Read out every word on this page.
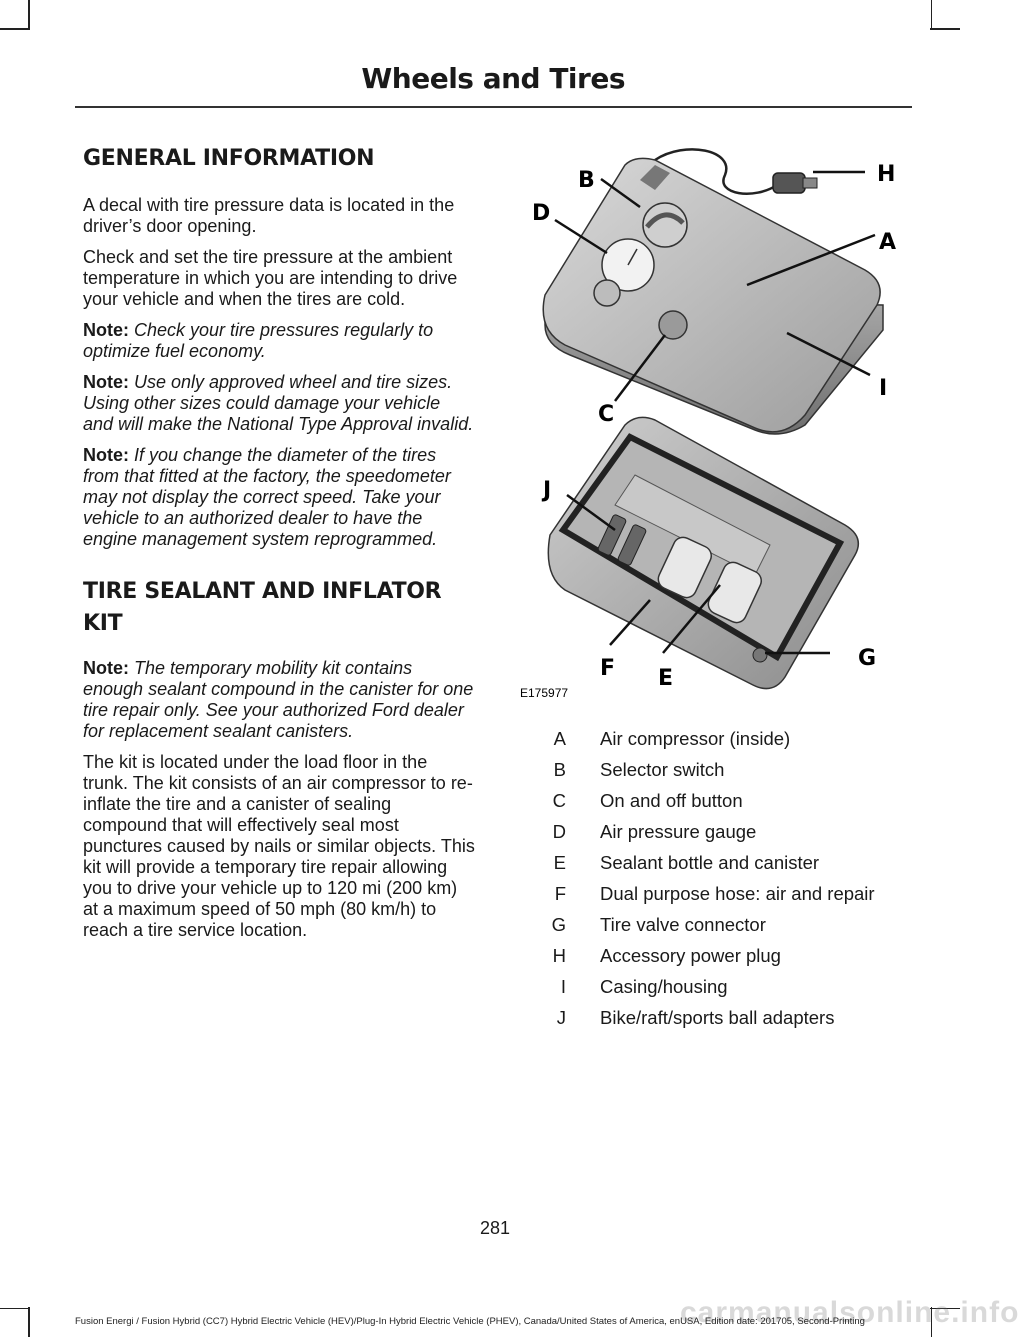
Wheels and Tires
GENERAL INFORMATION

A decal with tire pressure data is located in the driver’s door opening.

Check and set the tire pressure at the ambient temperature in which you are intending to drive your vehicle and when the tires are cold.

Note: Check your tire pressures regularly to optimize fuel economy.

Note: Use only approved wheel and tire sizes. Using other sizes could damage your vehicle and will make the National Type Approval invalid.

Note: If you change the diameter of the tires from that fitted at the factory, the speedometer may not display the correct speed. Take your vehicle to an authorized dealer to have the engine management system reprogrammed.

TIRE SEALANT AND INFLATOR KIT

Note: The temporary mobility kit contains enough sealant compound in the canister for one tire repair only. See your authorized Ford dealer for replacement sealant canisters.

The kit is located under the load floor in the trunk. The kit consists of an air compressor to re-inflate the tire and a canister of sealing compound that will effectively seal most punctures caused by nails or similar objects. This kit will provide a temporary tire repair allowing you to drive your vehicle up to 120 mi (200 km) at a maximum speed of 50 mph (80 km/h) to reach a tire service location.

B
D
H
A
I
C
J
G
F E
E175977
A	Air compressor (inside)
B	Selector switch
C	On and off button
D	Air pressure gauge
E	Sealant bottle and canister
F	Dual purpose hose: air and repair
G	Tire valve connector
H	Accessory power plug
I	Casing/housing
J	Bike/raft/sports ball adapters
281
carmanualsonline.info
Fusion Energi / Fusion Hybrid (CC7) Hybrid Electric Vehicle (HEV)/Plug-In Hybrid Electric Vehicle (PHEV), Canada/United States of America, enUSA, Edition date: 201705, Second-Printing
